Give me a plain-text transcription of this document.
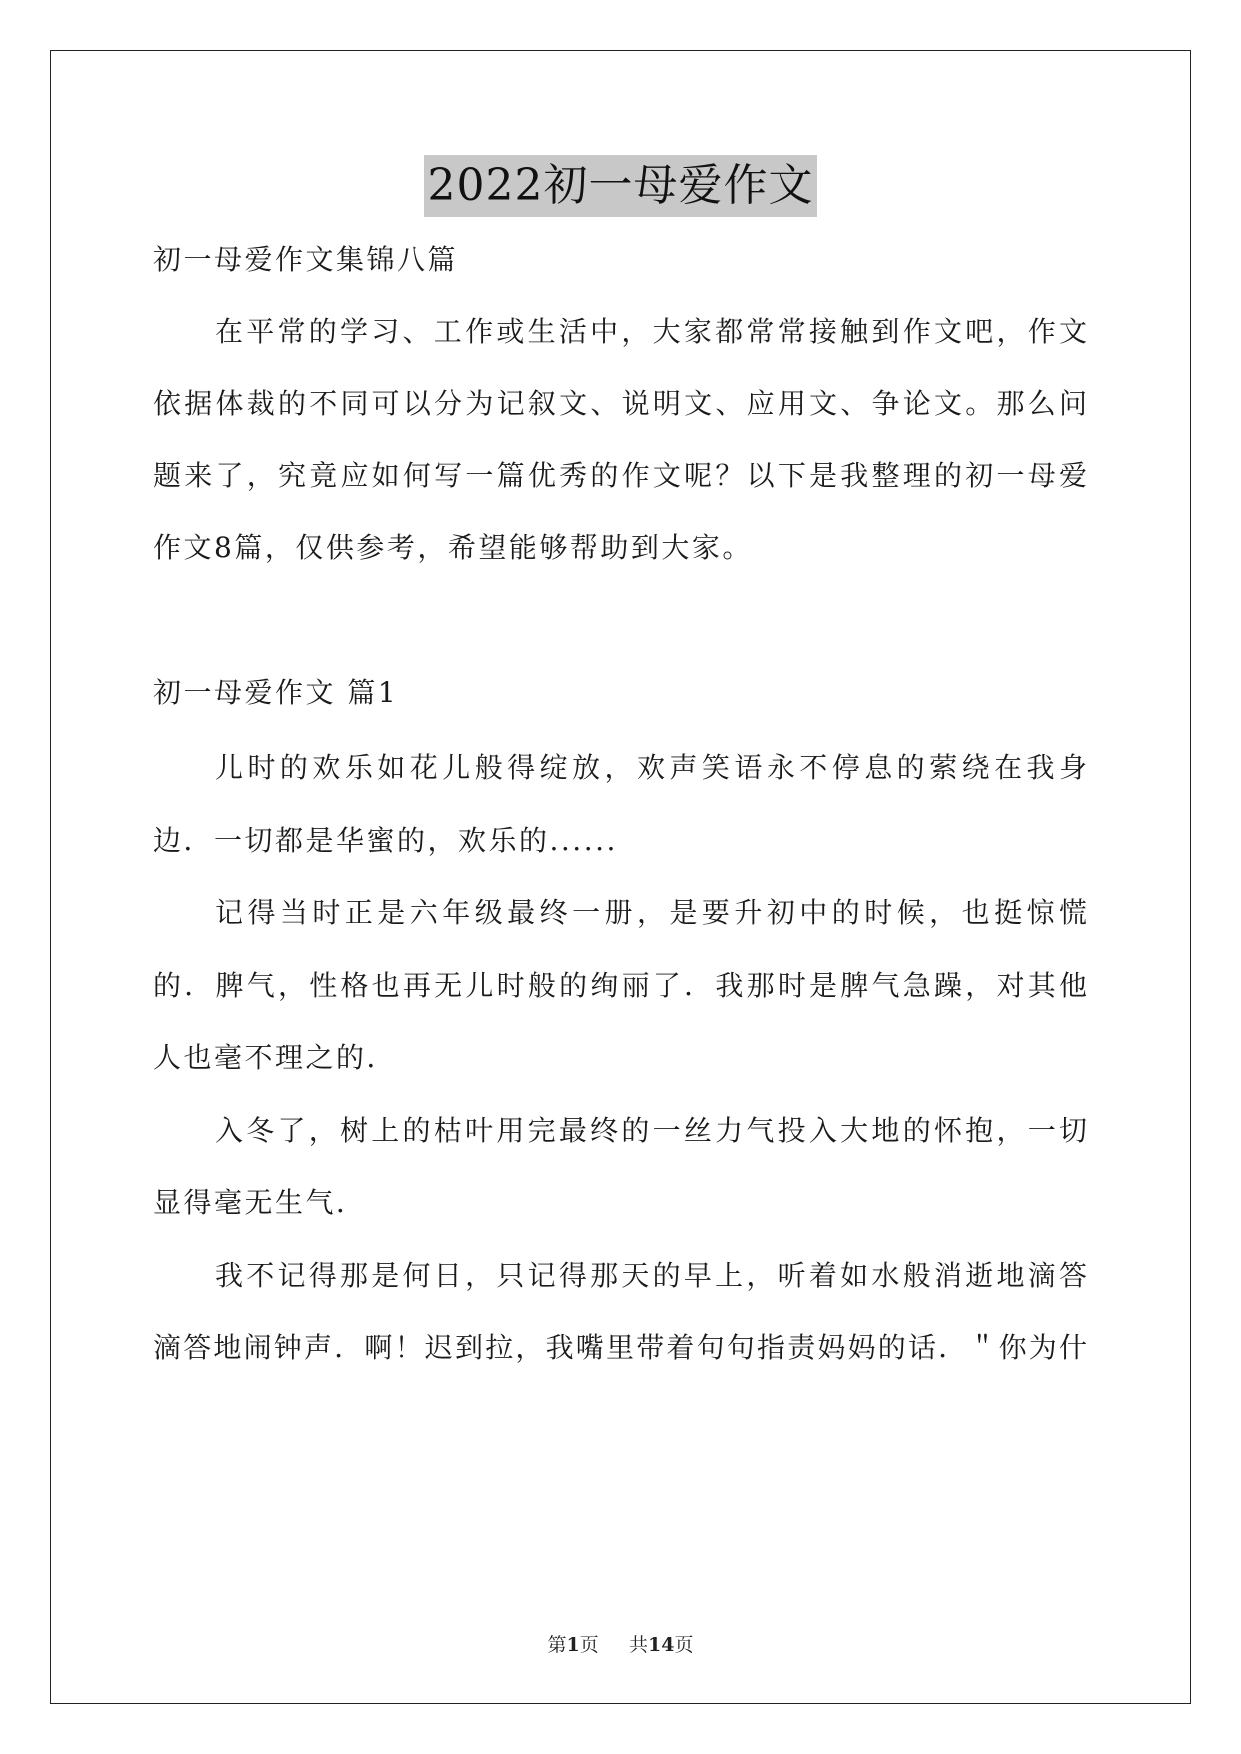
2022初一母爱作文
初一母爱作文集锦八篇
在平常的学习、工作或生活中，大家都常常接触到作文吧，作文
依据体裁的不同可以分为记叙文、说明文、应用文、争论文。那么问
题来了，究竟应如何写一篇优秀的作文呢？以下是我整理的初一母爱
作文8篇，仅供参考，希望能够帮助到大家。
初一母爱作文 篇1
儿时的欢乐如花儿般得绽放，欢声笑语永不停息的萦绕在我身
边．一切都是华蜜的，欢乐的......
记得当时正是六年级最终一册，是要升初中的时候，也挺惊慌
的．脾气，性格也再无儿时般的绚丽了．我那时是脾气急躁，对其他
人也毫不理之的．
入冬了，树上的枯叶用完最终的一丝力气投入大地的怀抱，一切
显得毫无生气．
我不记得那是何日，只记得那天的早上，听着如水般消逝地滴答
滴答地闹钟声．啊！迟到拉，我嘴里带着句句指责妈妈的话．＂你为什
第1页 共14页
